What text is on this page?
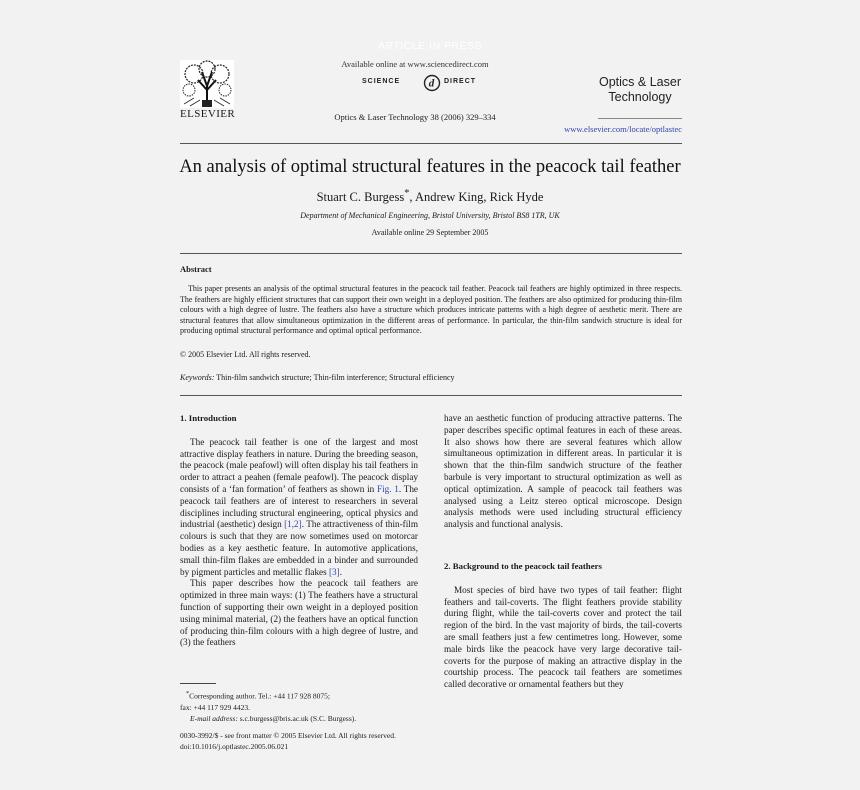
ARTICLE IN PRESS
ELSEVIER
Available online at www.sciencedirect.com
SCIENCE	d DIRECT
Optics & Laser Technology 38 (2006) 329–334
Optics & Laser
Technology
www.elsevier.com/locate/optlastec
An analysis of optimal structural features in the peacock tail feather
Stuart C. Burgess*, Andrew King, Rick Hyde
Department of Mechanical Engineering, Bristol University, Bristol BS8 1TR, UK
Available online 29 September 2005
Abstract
This paper presents an analysis of the optimal structural features in the peacock tail feather. Peacock tail feathers are highly optimized in three respects. The feathers are highly efficient structures that can support their own weight in a deployed position. The feathers are also optimized for producing thin-film colours with a high degree of lustre. The feathers also have a structure which produces intricate patterns with a high degree of aesthetic merit. There are structural features that allow simultaneous optimization in the different areas of performance. In particular, the thin-film sandwich structure is ideal for producing optimal structural performance and optimal optical performance.
© 2005 Elsevier Ltd. All rights reserved.
Keywords: Thin-film sandwich structure; Thin-film interference; Structural efficiency

1. Introduction

The peacock tail feather is one of the largest and most attractive display feathers in nature. During the breeding season, the peacock (male peafowl) will often display his tail feathers in order to attract a peahen (female peafowl). The peacock display consists of a ‘fan formation’ of feathers as shown in Fig. 1. The peacock tail feathers are of interest to researchers in several disciplines including structural engineering, optical physics and industrial (aesthetic) design [1,2]. The attractiveness of thin-film colours is such that they are now sometimes used on motorcar bodies as a key aesthetic feature. In automotive applications, small thin-film flakes are embedded in a binder and surrounded by pigment particles and metallic flakes [3].

This paper describes how the peacock tail feathers are optimized in three main ways: (1) The feathers have a structural function of supporting their own weight in a deployed position using minimal material, (2) the feathers have an optical function of producing thin-film colours with a high degree of lustre, and (3) the feathers

have an aesthetic function of producing attractive patterns. The paper describes specific optimal features in each of these areas. It also shows how there are several features which allow simultaneous optimization in different areas. In particular it is shown that the thin-film sandwich structure of the feather barbule is very important to structural optimization as well as optical optimization. A sample of peacock tail feathers was analysed using a Leitz stereo optical microscope. Design analysis methods were used including structural efficiency analysis and functional analysis.

2. Background to the peacock tail feathers

Most species of bird have two types of tail feather: flight feathers and tail-coverts. The flight feathers provide stability during flight, while the tail-coverts cover and protect the tail region of the bird. In the vast majority of birds, the tail-coverts are small feathers just a few centimetres long. However, some male birds like the peacock have very large decorative tail-coverts for the purpose of making an attractive display in the courtship process. The peacock tail feathers are sometimes called decorative or ornamental feathers but they

*Corresponding author. Tel.: +44 117 928 8075;
fax: +44 117 929 4423.
E-mail address: s.c.burgess@bris.ac.uk (S.C. Burgess).
0030-3992/$ - see front matter © 2005 Elsevier Ltd. All rights reserved.
doi:10.1016/j.optlastec.2005.06.021
